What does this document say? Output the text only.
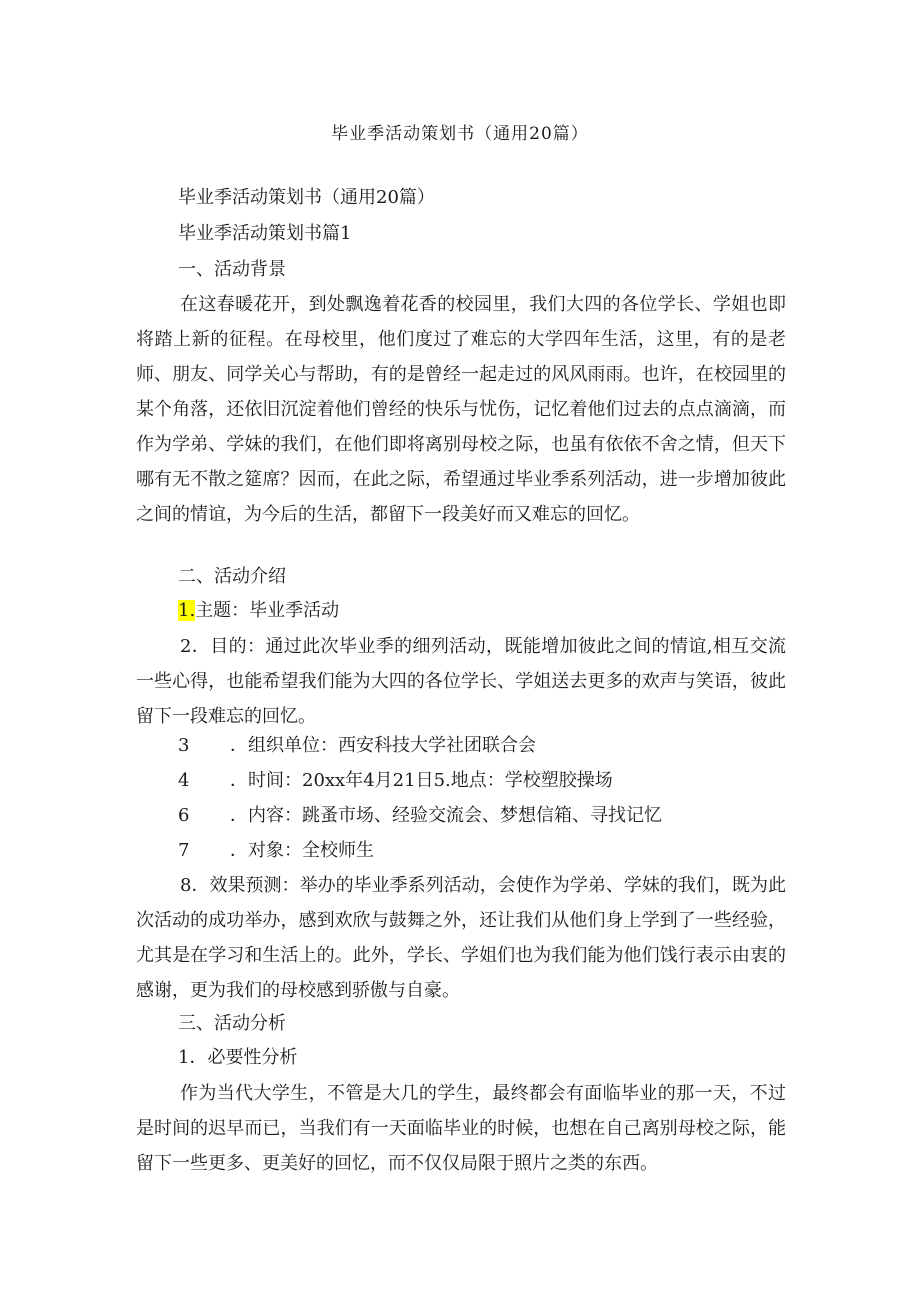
毕业季活动策划书（通用20篇）
毕业季活动策划书（通用20篇）
毕业季活动策划书篇1
一、活动背景
在这春暖花开，到处飘逸着花香的校园里，我们大四的各位学长、学姐也即将踏上新的征程。在母校里，他们度过了难忘的大学四年生活，这里，有的是老师、朋友、同学关心与帮助，有的是曾经一起走过的风风雨雨。也许，在校园里的某个角落，还依旧沉淀着他们曾经的快乐与忧伤，记忆着他们过去的点点滴滴，而作为学弟、学妹的我们，在他们即将离别母校之际，也虽有依依不舍之情，但天下哪有无不散之筵席？因而，在此之际，希望通过毕业季系列活动，进一步增加彼此之间的情谊，为今后的生活，都留下一段美好而又难忘的回忆。
二、活动介绍
1.主题：毕业季活动
2．目的：通过此次毕业季的细列活动，既能增加彼此之间的情谊,相互交流一些心得，也能希望我们能为大四的各位学长、学姐送去更多的欢声与笑语，彼此留下一段难忘的回忆。
3 ．组织单位：西安科技大学社团联合会
4 ．时间：20xx年4月21日5.地点：学校塑胶操场
6 ．内容：跳蚤市场、经验交流会、梦想信箱、寻找记忆
7 ．对象：全校师生
8．效果预测：举办的毕业季系列活动，会使作为学弟、学妹的我们，既为此次活动的成功举办，感到欢欣与鼓舞之外，还让我们从他们身上学到了一些经验，尤其是在学习和生活上的。此外，学长、学姐们也为我们能为他们饯行表示由衷的感谢，更为我们的母校感到骄傲与自豪。
三、活动分析
1．必要性分析
作为当代大学生，不管是大几的学生，最终都会有面临毕业的那一天，不过是时间的迟早而已，当我们有一天面临毕业的时候，也想在自己离别母校之际，能留下一些更多、更美好的回忆，而不仅仅局限于照片之类的东西。
